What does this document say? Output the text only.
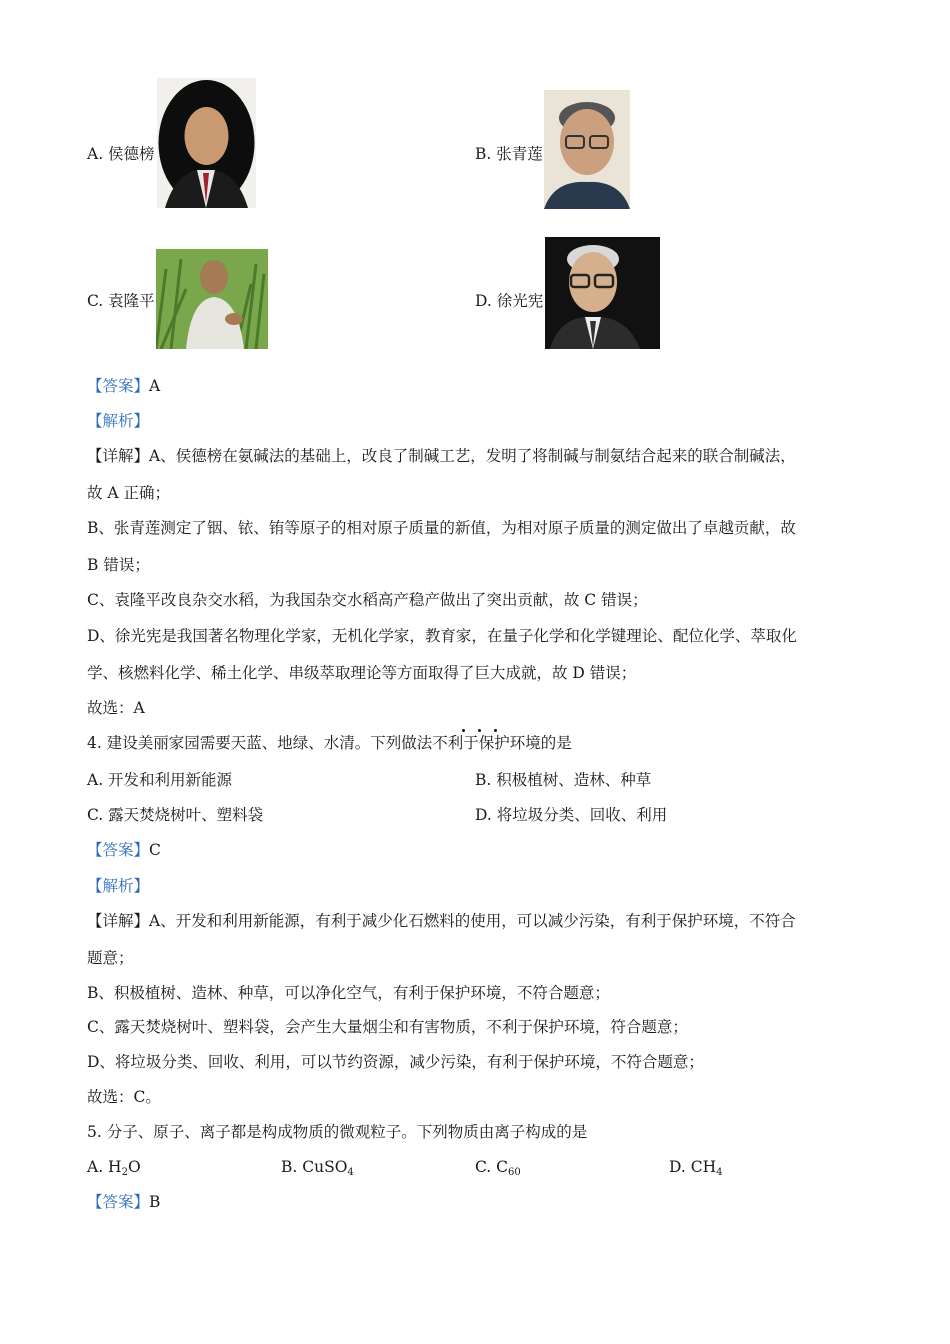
A. 侯德榜	B. 张青莲
C. 袁隆平	D. 徐光宪
【答案】A
【解析】
【详解】A、侯德榜在氨碱法的基础上，改良了制碱工艺，发明了将制碱与制氨结合起来的联合制碱法，
故 A 正确；
B、张青莲测定了铟、铱、铕等原子的相对原子质量的新值，为相对原子质量的测定做出了卓越贡献，故
B 错误；
C、袁隆平改良杂交水稻，为我国杂交水稻高产稳产做出了突出贡献，故 C 错误；
D、徐光宪是我国著名物理化学家，无机化学家，教育家，在量子化学和化学键理论、配位化学、萃取化
学、核燃料化学、稀土化学、串级萃取理论等方面取得了巨大成就，故 D 错误；
故选：A
4. 建设美丽家园需要天蓝、地绿、水清。下列做法不利于保护环境的是
A. 开发和利用新能源	B. 积极植树、造林、种草
C. 露天焚烧树叶、塑料袋	D. 将垃圾分类、回收、利用
【答案】C
【解析】
【详解】A、开发和利用新能源，有利于减少化石燃料的使用，可以减少污染，有利于保护环境，不符合
题意；
B、积极植树、造林、种草，可以净化空气，有利于保护环境，不符合题意；
C、露天焚烧树叶、塑料袋，会产生大量烟尘和有害物质，不利于保护环境，符合题意；
D、将垃圾分类、回收、利用，可以节约资源，减少污染，有利于保护环境，不符合题意；
故选：C。
5. 分子、原子、离子都是构成物质的微观粒子。下列物质由离子构成的是
A. $H_2O$	B. CuSO$_4$	C. $C_{60}$	D. $CH_4$
【答案】B
